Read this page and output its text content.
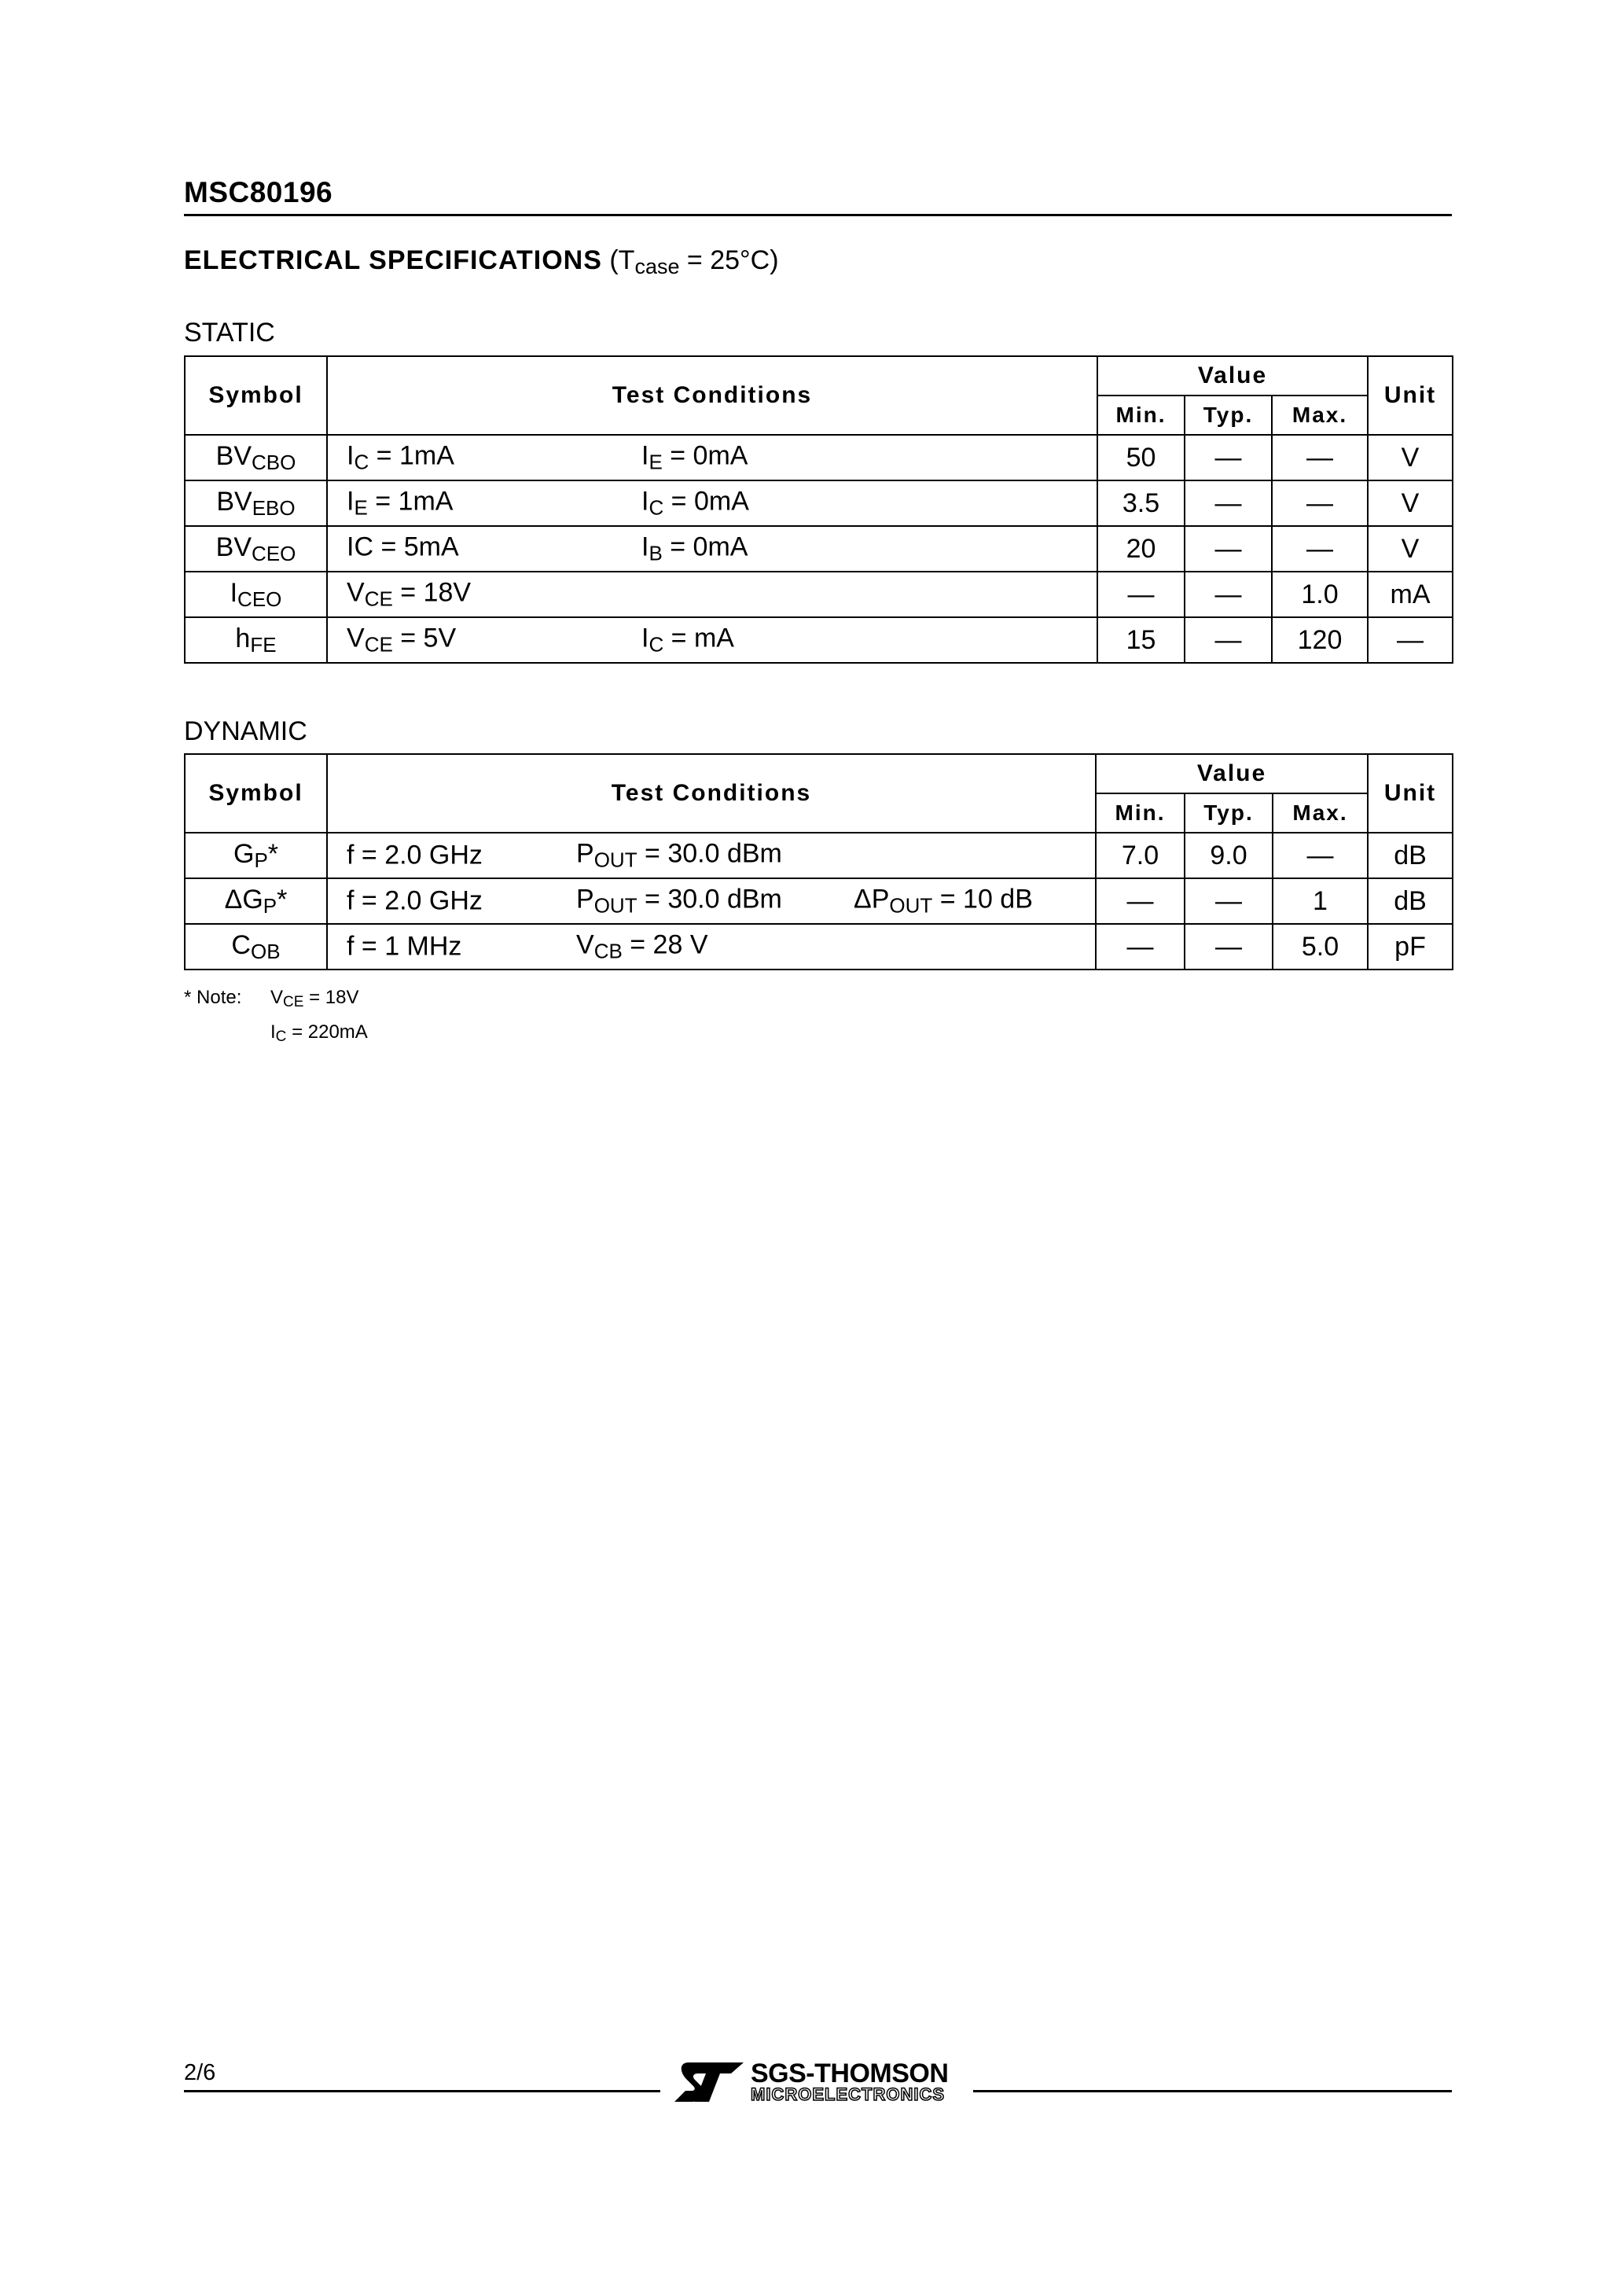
MSC80196
ELECTRICAL SPECIFICATIONS $(T_{case} = 25^\circ C)$
STATIC
Symbol	Test Conditions	Value			Unit
		Min.	Typ.	Max.	
$BV_{CBO}$	$I_C = 1mA$ $I_E = 0mA$	50	—	—	V
$BV_{EBO}$	$I_E = 1mA$ $I_C = 0mA$	3.5	—	—	V
$BV_{CEO}$	IC = 5mA $I_B = 0mA$	20	—	—	V
$I_{CEO}$	$V_{CE} = 18V$	—	—	1.0	mA
$h_{FE}$	$V_{CE} = 5V$ $I_C$ = mA	15	—	120	—
DYNAMIC
Symbol	Test Conditions	Value			Unit
		Min.	Typ.	Max.	
$G_P*$	f = 2.0 GHz $P_{OUT} = 30.0$ dBm	7.0	9.0	—	dB
$\Delta G_P*$	f = 2.0 GHz $P_{OUT} = 30.0$ dBm $\Delta P_{OUT} = 10$ dB	—	—	1	dB
$C_{OB}$	f = 1 MHz $V_{CB} = 28$ V	—	—	5.0	pF
* Note: $V_{CE} = 18V$
$I_C = 220mA$
2/6	SGS-THOMSON
MICROELECTRONICS
